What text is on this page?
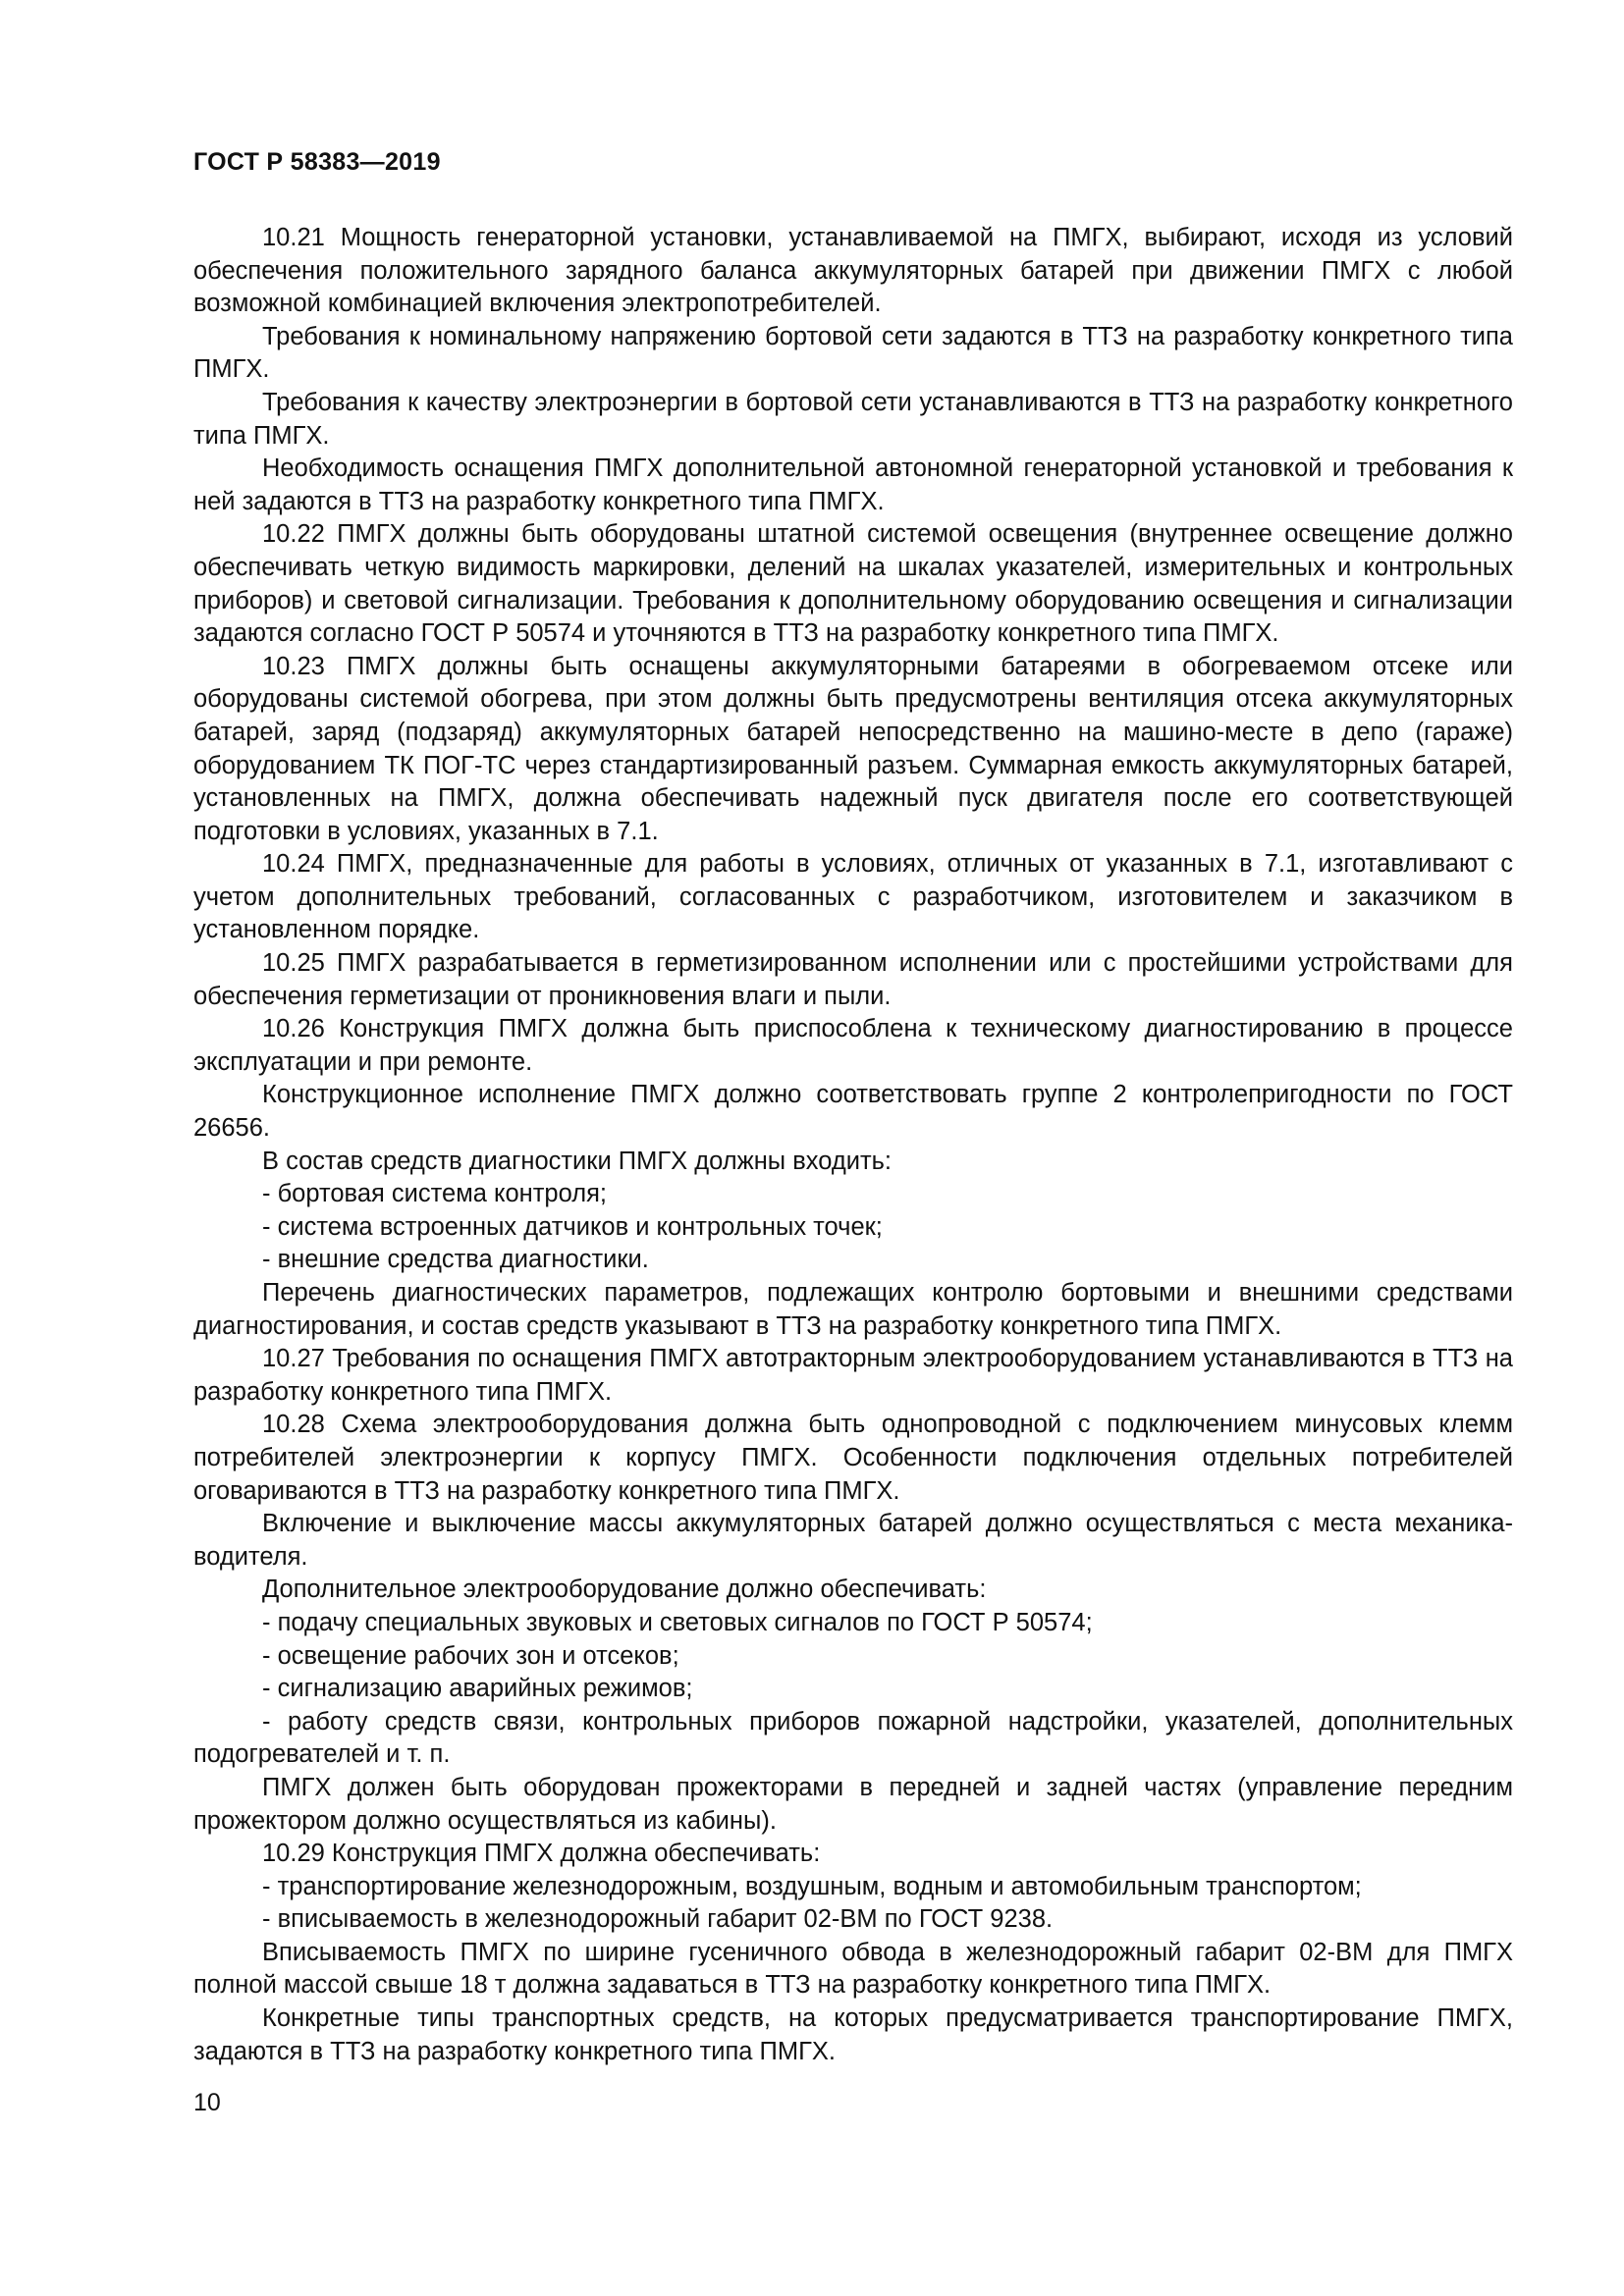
ГОСТ Р 58383—2019

10.21 Мощность генераторной установки, устанавливаемой на ПМГХ, выбирают, исходя из условий обеспечения положительного зарядного баланса аккумуляторных батарей при движении ПМГХ с любой возможной комбинацией включения электропотребителей.

Требования к номинальному напряжению бортовой сети задаются в ТТЗ на разработку конкретного типа ПМГХ.

Требования к качеству электроэнергии в бортовой сети устанавливаются в ТТЗ на разработку конкретного типа ПМГХ.

Необходимость оснащения ПМГХ дополнительной автономной генераторной установкой и требования к ней задаются в ТТЗ на разработку конкретного типа ПМГХ.

10.22 ПМГХ должны быть оборудованы штатной системой освещения (внутреннее освещение должно обеспечивать четкую видимость маркировки, делений на шкалах указателей, измерительных и контрольных приборов) и световой сигнализации. Требования к дополнительному оборудованию освещения и сигнализации задаются согласно ГОСТ Р 50574 и уточняются в ТТЗ на разработку конкретного типа ПМГХ.

10.23 ПМГХ должны быть оснащены аккумуляторными батареями в обогреваемом отсеке или оборудованы системой обогрева, при этом должны быть предусмотрены вентиляция отсека аккумуляторных батарей, заряд (подзаряд) аккумуляторных батарей непосредственно на машино-месте в депо (гараже) оборудованием ТК ПОГ-ТС через стандартизированный разъем. Суммарная емкость аккумуляторных батарей, установленных на ПМГХ, должна обеспечивать надежный пуск двигателя после его соответствующей подготовки в условиях, указанных в 7.1.

10.24 ПМГХ, предназначенные для работы в условиях, отличных от указанных в 7.1, изготавливают с учетом дополнительных требований, согласованных с разработчиком, изготовителем и заказчиком в установленном порядке.

10.25 ПМГХ разрабатывается в герметизированном исполнении или с простейшими устройствами для обеспечения герметизации от проникновения влаги и пыли.

10.26 Конструкция ПМГХ должна быть приспособлена к техническому диагностированию в процессе эксплуатации и при ремонте.

Конструкционное исполнение ПМГХ должно соответствовать группе 2 контролепригодности по ГОСТ 26656.

В состав средств диагностики ПМГХ должны входить:

- бортовая система контроля;

- система встроенных датчиков и контрольных точек;

- внешние средства диагностики.

Перечень диагностических параметров, подлежащих контролю бортовыми и внешними средствами диагностирования, и состав средств указывают в ТТЗ на разработку конкретного типа ПМГХ.

10.27 Требования по оснащения ПМГХ автотракторным электрооборудованием устанавливаются в ТТЗ на разработку конкретного типа ПМГХ.

10.28 Схема электрооборудования должна быть однопроводной с подключением минусовых клемм потребителей электроэнергии к корпусу ПМГХ. Особенности подключения отдельных потребителей оговариваются в ТТЗ на разработку конкретного типа ПМГХ.

Включение и выключение массы аккумуляторных батарей должно осуществляться с места механика-водителя.

Дополнительное электрооборудование должно обеспечивать:

- подачу специальных звуковых и световых сигналов по ГОСТ Р 50574;

- освещение рабочих зон и отсеков;

- сигнализацию аварийных режимов;

- работу средств связи, контрольных приборов пожарной надстройки, указателей, дополнительных подогревателей и т. п.

ПМГХ должен быть оборудован прожекторами в передней и задней частях (управление передним прожектором должно осуществляться из кабины).

10.29 Конструкция ПМГХ должна обеспечивать:

- транспортирование железнодорожным, воздушным, водным и автомобильным транспортом;

- вписываемость в железнодорожный габарит 02-ВМ по ГОСТ 9238.

Вписываемость ПМГХ по ширине гусеничного обвода в железнодорожный габарит 02-ВМ для ПМГХ полной массой свыше 18 т должна задаваться в ТТЗ на разработку конкретного типа ПМГХ.

Конкретные типы транспортных средств, на которых предусматривается транспортирование ПМГХ, задаются в ТТЗ на разработку конкретного типа ПМГХ.

10
